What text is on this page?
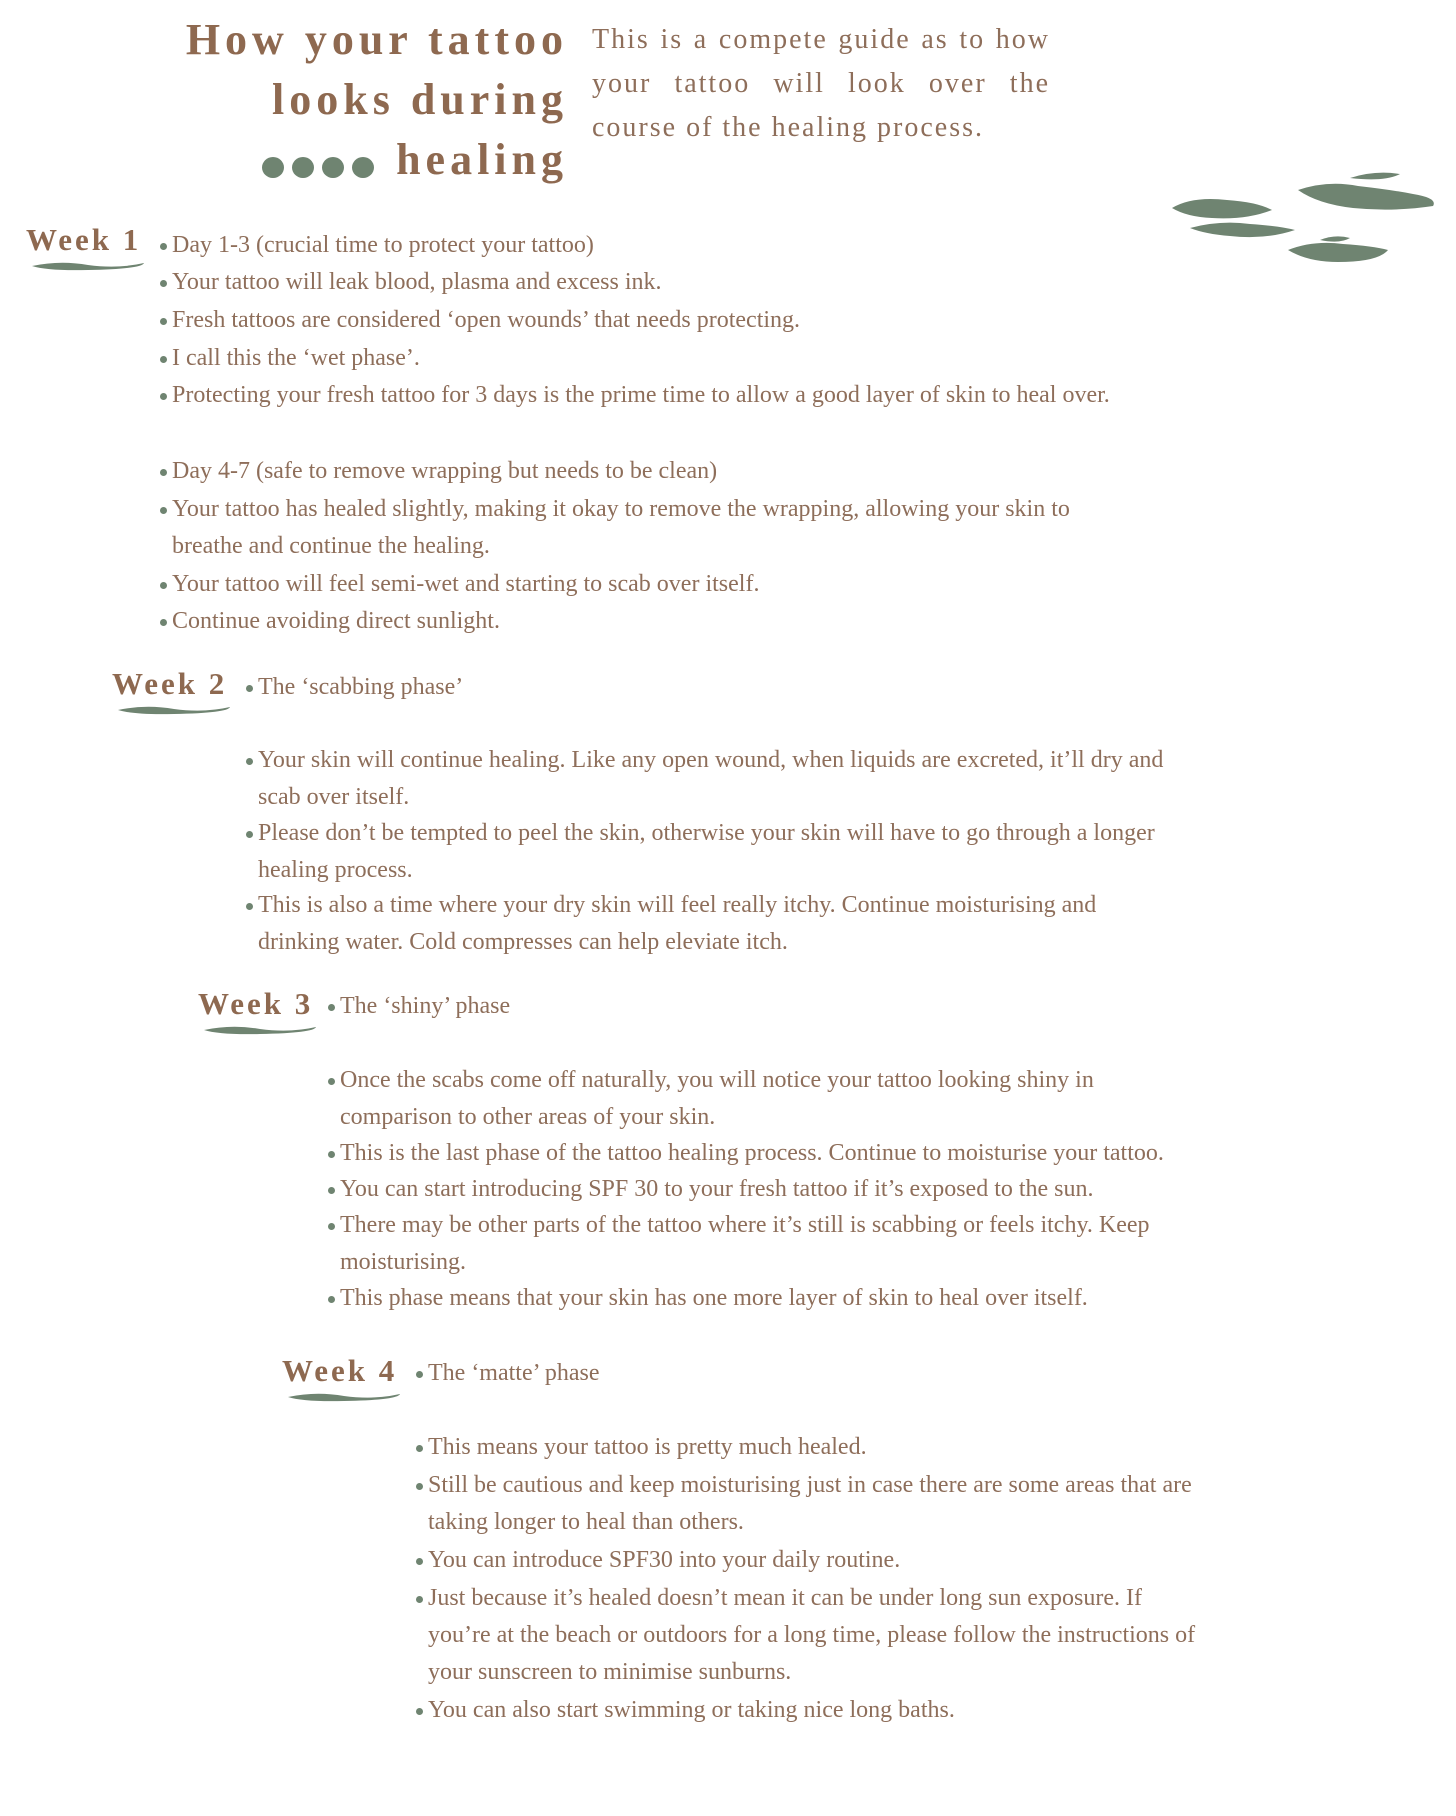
How your tattoo
looks during
healing
This is a compete guide as to how your tattoo will look over the course of the healing process.
Week 1 Day 1-3 (crucial time to protect your tattoo)
Your tattoo will leak blood, plasma and excess ink.
Fresh tattoos are considered ‘open wounds’ that needs protecting.
I call this the ‘wet phase’.
Protecting your fresh tattoo for 3 days is the prime time to allow a good layer of skin to heal over.
Day 4-7 (safe to remove wrapping but needs to be clean)
Your tattoo has healed slightly, making it okay to remove the wrapping, allowing your skin to
breathe and continue the healing.
Your tattoo will feel semi-wet and starting to scab over itself.
Continue avoiding direct sunlight.
Week 2 The ‘scabbing phase’
Your skin will continue healing. Like any open wound, when liquids are excreted, it’ll dry and
scab over itself.
Please don’t be tempted to peel the skin, otherwise your skin will have to go through a longer
healing process.
This is also a time where your dry skin will feel really itchy. Continue moisturising and
drinking water. Cold compresses can help eleviate itch.
Week 3 The ‘shiny’ phase
Once the scabs come off naturally, you will notice your tattoo looking shiny in
comparison to other areas of your skin.
This is the last phase of the tattoo healing process. Continue to moisturise your tattoo.
You can start introducing SPF 30 to your fresh tattoo if it’s exposed to the sun.
There may be other parts of the tattoo where it’s still is scabbing or feels itchy. Keep
moisturising.
This phase means that your skin has one more layer of skin to heal over itself.
Week 4 The ‘matte’ phase
This means your tattoo is pretty much healed.
Still be cautious and keep moisturising just in case there are some areas that are
taking longer to heal than others.
You can introduce SPF30 into your daily routine.
Just because it’s healed doesn’t mean it can be under long sun exposure. If
you’re at the beach or outdoors for a long time, please follow the instructions of
your sunscreen to minimise sunburns.
You can also start swimming or taking nice long baths.
